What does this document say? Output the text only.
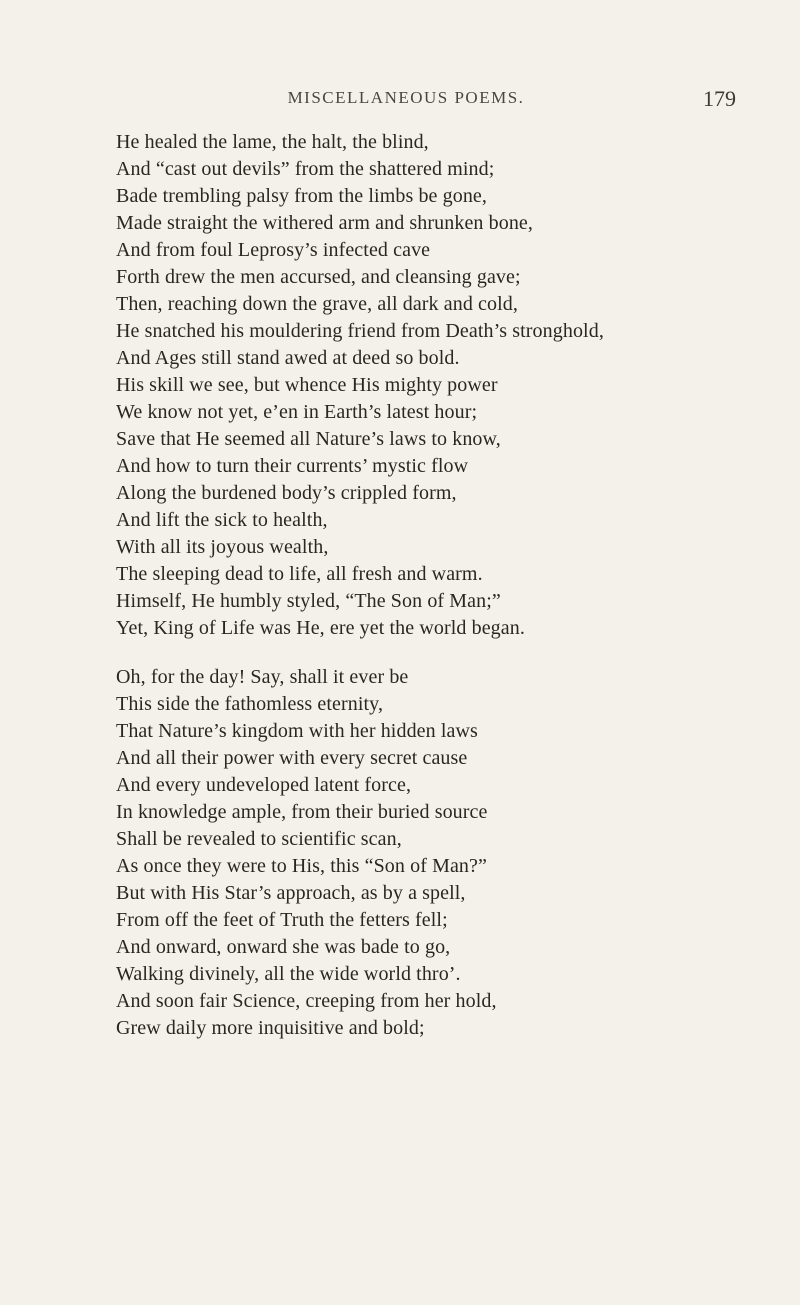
MISCELLANEOUS POEMS.	179
He healed the lame, the halt, the blind,
And “cast out devils” from the shattered mind;
Bade trembling palsy from the limbs be gone,
Made straight the withered arm and shrunken bone,
And from foul Leprosy’s infected cave
Forth drew the men accursed, and cleansing gave;
Then, reaching down the grave, all dark and cold,
He snatched his mouldering friend from Death’s stronghold,
And Ages still stand awed at deed so bold.
His skill we see, but whence His mighty power
We know not yet, e’en in Earth’s latest hour;
Save that He seemed all Nature’s laws to know,
And how to turn their currents’ mystic flow
Along the burdened body’s crippled form,
And lift the sick to health,
With all its joyous wealth,
The sleeping dead to life, all fresh and warm.
Himself, He humbly styled, “The Son of Man;”
Yet, King of Life was He, ere yet the world began.
Oh, for the day! Say, shall it ever be
This side the fathomless eternity,
That Nature’s kingdom with her hidden laws
And all their power with every secret cause
And every undeveloped latent force,
In knowledge ample, from their buried source
Shall be revealed to scientific scan,
As once they were to His, this “Son of Man?”
But with His Star’s approach, as by a spell,
From off the feet of Truth the fetters fell;
And onward, onward she was bade to go,
Walking divinely, all the wide world thro’.
And soon fair Science, creeping from her hold,
Grew daily more inquisitive and bold;
